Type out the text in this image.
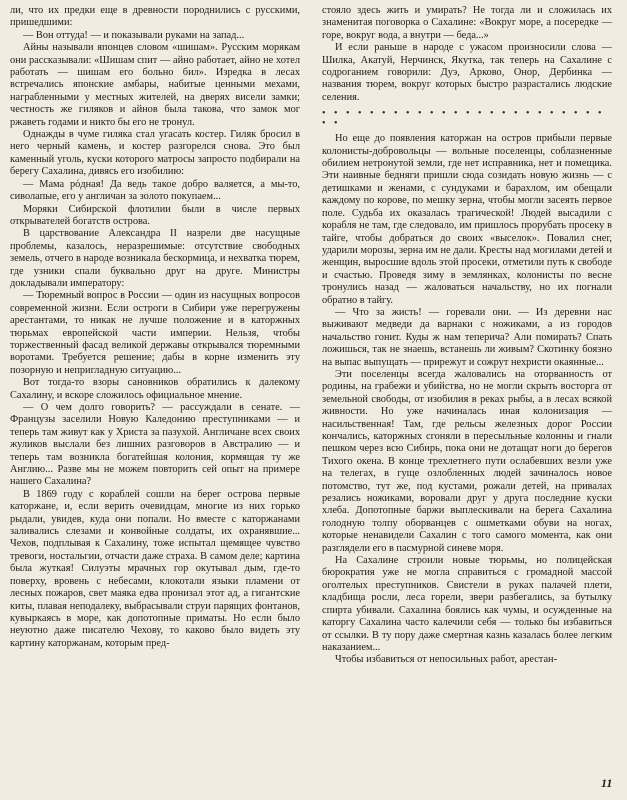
ли, что их предки еще в древности породнились с русскими, пришедшими:

— Вон оттуда! — и показывали руками на запад...

Айны называли японцев словом «шишам». Русским морякам они рассказывали: «Шишам спит — айно работает, айно не хотел работать — шишам его больно бил». Изредка в лесах встречались японские амбары, набитые ценными мехами, награбленными у местных жителей, на дверях висели замки; честность же гиляков и айнов была такова, что замок мог ржаветь годами и никто бы его не тронул.

Однажды в чуме гиляка стал угасать костер. Гиляк бросил в него черный камень, и костер разгорелся снова. Это был каменный уголь, куски которого матросы запросто подбирали на берегу Сахалина, дивясь его изобилию:

— Мама рόдная! Да ведь такое добро валяется, а мы-то, сиволапые, его у англичан за золото покупаем...

Моряки Сибирской флотилии были в числе первых открывателей богатств острова.

В царствование Александра II назрели две насущные проблемы, казалось, неразрешимые: отсутствие свободных земель, отчего в народе возникала бескормица, и нехватка тюрем, где узники спали буквально друг на друге. Министры докладывали императору:

— Тюремный вопрос в России — один из насущных вопросов современной жизни. Если остроги в Сибири уже перегружены арестантами, то никак не лучше положение и в каторжных тюрьмах европейской части империи. Нельзя, чтобы торжественный фасад великой державы открывался тюремными воротами. Требуется решение; дабы в корне изменить эту позорную и непригладную ситуацию...

Вот тогда-то взоры сановников обратились к далекому Сахалину, и вскоре сложилось официальное мнение.

— О чем долго говорить? — рассуждали в сенате. — Французы заселили Новую Каледонию преступниками — и теперь там живут как у Христа за пазухой. Англичане всех своих жуликов выслали без лишних разговоров в Австралию — и теперь там возникла богатейшая колония, кормящая ту же Англию... Разве мы не можем повторить сей опыт на примере нашего Сахалина?

В 1869 году с кораблей сошли на берег острова первые каторжане, и, если верить очевидцам, многие из них горько рыдали, увидев, куда они попали. Но вместе с каторжанами заливались слезами и конвойные солдаты, их охранявшие... Чехов, подплывая к Сахалину, тоже испытал щемящее чувство тревоги, ностальгии, отчасти даже страха. В самом деле; картина была жуткая! Силуэты мрачных гор окутывал дым, где-то поверху, вровень с небесами, клокотали языки пламени от лесных пожаров, свет маяка едва пронизал этот ад, а гигантские киты, плавая неподалеку, выбрасывали струи парящих фонтанов, кувыркаясь в море, как допотопные приматы. Но если было неуютно даже писателю Чехову, то каково было видеть эту картину каторжанам, которым пред-

стояло здесь жить и умирать? Не тогда ли и сложилась их знаменитая поговорка о Сахалине: «Вокруг море, а посередке — горе, вокруг вода, а внутри — беда...»

И если раньше в народе с ужасом произносили слова — Шилка, Акатуй, Нерчинск, Якутка, так теперь на Сахалине с содроганием говорили: Дуэ, Арково, Онор, Дербинка — названия тюрем, вокруг которых быстро разрастались людские селения.

• • • • • • • • • • • • • • • • • • • • • • • • • •

Но еще до появления каторжан на остров прибыли первые колонисты-добровольцы — вольные поселенцы, соблазненные обилием нетронутой земли, где нет исправника, нет и помещика. Эти наивные бедняги пришли сюда созидать новую жизнь — с детишками и женами, с сундуками и барахлом, им обещали каждому по корове, по мешку зерна, чтобы могли засеять первое поле. Судьба их оказалась трагической! Людей высадили с корабля не там, где следовало, им пришлось прорубать просеку в тайге, чтобы добраться до своих «выселок». Повалил снег, ударили морозы, зерна им не дали. Кресты над могилами детей и женщин, выросшие вдоль этой просеки, отметили путь к свободе и счастью. Проведя зиму в землянках, колонисты по весне тронулись назад — жаловаться начальству, но их погнали обратно в тайгу.

— Что за жисть! — горевали они. — Из деревни нас выживают медведи да варнаки с ножиками, а из городов начальство гонит. Куды ж нам теперича? Али помирать? Спать ложишься, так не знаешь, встанешь ли живым? Скотинку боязно на выпас выпущать — прирежут и сожрут нехристи окаянные...

Эти поселенцы всегда жаловались на оторванность от родины, на грабежи и убийства, но не могли скрыть восторга от земельной свободы, от изобилия в реках рыбы, а в лесах всякой живности. Но уже начиналась иная колонизация — насильственная! Там, где рельсы железных дорог России кончались, каторжных сгоняли в пересыльные колонны и гнали пешком через всю Сибирь, пока они не дотащат ноги до берегов Тихого окена. В конце трехлетнего пути ослабевших везли уже на телегах, в гуще озлобленных людей зачиналось новое потомство, тут же, под кустами, рожали детей, на привалах резались ножиками, воровали друг у друга последние куски хлеба. Допотопные баржи выплескивали на берега Сахалина голодную толпу оборванцев с ошметками обуви на ногах, которые ненавидели Сахалин с того самого момента, как они разглядели его в пасмурной синеве моря.

На Сахалине строили новые тюрьмы, но полицейская бюрократия уже не могла справиться с громадной массой оголтелых преступников. Свистели в руках палачей плети, кладбища росли, леса горели, звери разбегались, за бутылку спирта убивали. Сахалина боялись как чумы, и осужденные на каторгу Сахалина часто калечили себя — только бы избавиться от ссылки. В ту пору даже смертная казнь казалась более легким наказанием...

Чтобы избавиться от непосильных работ, арестан-

11
